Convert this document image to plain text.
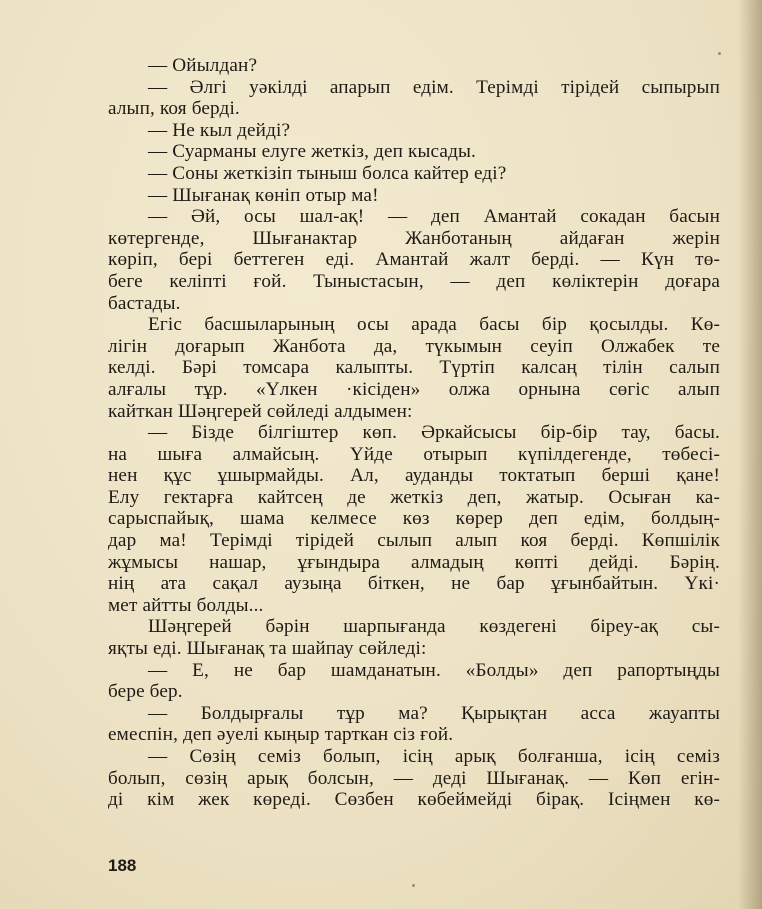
— Ойылдан?
— Әлгі уәкілді апарып едім. Терімді тірідей сыпырып
алып, коя берді.
— Не кыл дейді?
— Суарманы елуге жеткіз, деп кысады.
— Соны жеткізіп тыныш болса кайтер еді?
— Шығанақ көніп отыр ма!
— Әй, осы шал-ақ! — деп Амантай сокадан басын
көтергенде, Шығанактар Жанботаның айдаған жерін
көріп, бері беттеген еді. Амантай жалт берді. — Күн тө-
беге келіпті ғой. Тыныстасын, — деп көліктерін доғара
бастады.
Егіс басшыларының осы арада басы бір қосылды. Кө-
лігін доғарып Жанбота да, түкымын сеуіп Олжабек те
келді. Бәрі томсара калыпты. Түртіп калсаң тілін салып
алғалы тұр. «Үлкен ·кісіден» олжа орнына сөгіс алып
кайткан Шәңгерей сөйледі алдымен:
— Бізде білгіштер көп. Әркайсысы бір-бір тау, басы.
на шыға алмайсың. Үйде отырып күпілдегенде, төбесі-
нен құс ұшырмайды. Ал, ауданды токтатып берші қане!
Елу гектарға кайтсең де жеткіз деп, жатыр. Осыған ка-
сарыспайық, шама келмесе көз көрер деп едім, болдың-
дар ма! Терімді тірідей сылып алып коя берді. Көпшілік
жұмысы нашар, ұғындыра алмадың көпті дейді. Бәрің.
нің ата сақал аузыңа біткен, не бар ұғынбайтын. Үкі·
мет айтты болды...
Шәңгерей бәрін шарпығанда көздегені біреу-ақ сы-
яқты еді. Шығанақ та шайпау сөйледі:
— Е, не бар шамданатын. «Болды» деп рапортыңды
бере бер.
— Болдырғалы тұр ма? Қырықтан асса жауапты
емеспін, деп әуелі кыңыр тарткан сіз ғой.
— Сөзің семіз болып, ісің арық болғанша, ісің семіз
болып, сөзің арық болсын, — деді Шығанақ. — Көп егін-
ді кім жек көреді. Сөзбен көбеймейді бірақ. Ісіңмен кө-
188
